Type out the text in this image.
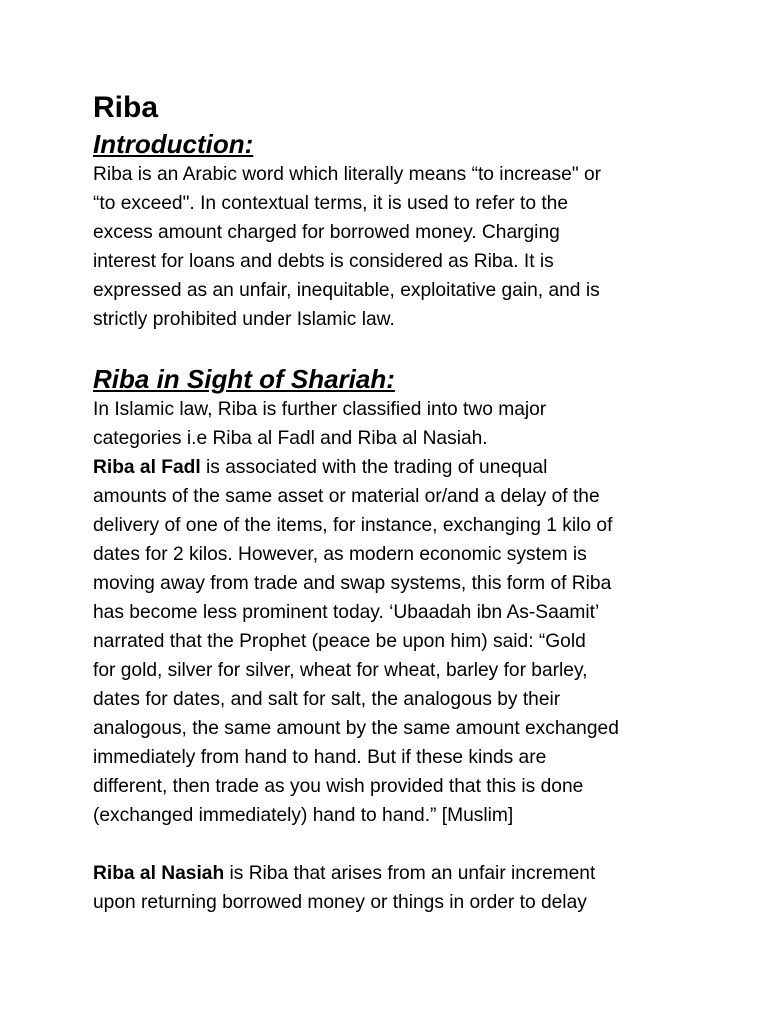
Riba
Introduction:

Riba is an Arabic word which literally means “to increase" or
“to exceed". In contextual terms, it is used to refer to the
excess amount charged for borrowed money. Charging
interest for loans and debts is considered as Riba. It is
expressed as an unfair, inequitable, exploitative gain, and is
strictly prohibited under Islamic law.

Riba in Sight of Shariah:

In Islamic law, Riba is further classified into two major
categories i.e Riba al Fadl and Riba al Nasiah.

Riba al Fadl is associated with the trading of unequal
amounts of the same asset or material or/and a delay of the
delivery of one of the items, for instance, exchanging 1 kilo of
dates for 2 kilos. However, as modern economic system is
moving away from trade and swap systems, this form of Riba
has become less prominent today. ‘Ubaadah ibn As-Saamit’
narrated that the Prophet (peace be upon him) said: “Gold
for gold, silver for silver, wheat for wheat, barley for barley,
dates for dates, and salt for salt, the analogous by their
analogous, the same amount by the same amount exchanged
immediately from hand to hand. But if these kinds are
different, then trade as you wish provided that this is done
(exchanged immediately) hand to hand.” [Muslim]

Riba al Nasiah is Riba that arises from an unfair increment
upon returning borrowed money or things in order to delay
